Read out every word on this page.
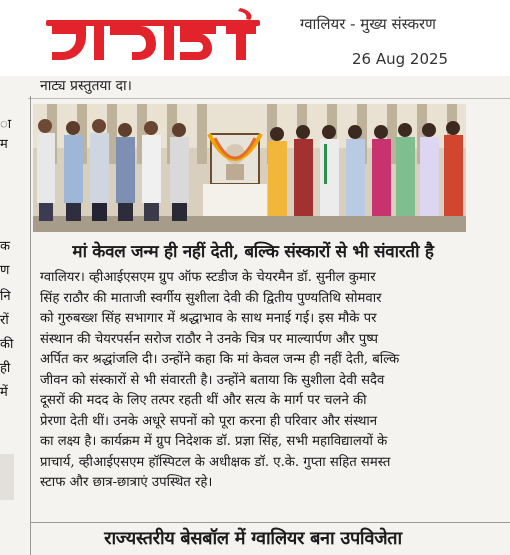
ग्वालियर - मुख्य संस्करण
26 Aug 2025
नाट्य प्रस्तुतया दा।
ा
म
क
ण
नि
रों
की
ही
में
मां केवल जन्म ही नहीं देती, बल्कि संस्कारों से भी संवारती है
ग्वालियर। व्हीआईएसएम ग्रुप ऑफ स्टडीज के चेयरमैन डॉ. सुनील कुमार
सिंह राठौर की माताजी स्वर्गीय सुशीला देवी की द्वितीय पुण्यतिथि सोमवार
को गुरुबख्श सिंह सभागार में श्रद्धाभाव के साथ मनाई गई। इस मौके पर
संस्थान की चेयरपर्सन सरोज राठौर ने उनके चित्र पर माल्यार्पण और पुष्प
अर्पित कर श्रद्धांजलि दी। उन्होंने कहा कि मां केवल जन्म ही नहीं देती, बल्कि
जीवन को संस्कारों से भी संवारती है। उन्होंने बताया कि सुशीला देवी सदैव
दूसरों की मदद के लिए तत्पर रहती थीं और सत्य के मार्ग पर चलने की
प्रेरणा देती थीं। उनके अधूरे सपनों को पूरा करना ही परिवार और संस्थान
का लक्ष्य है। कार्यक्रम में ग्रुप निदेशक डॉ. प्रज्ञा सिंह, सभी महाविद्यालयों के
प्राचार्य, व्हीआईएसएम हॉस्पिटल के अधीक्षक डॉ. ए.के. गुप्ता सहित समस्त
स्टाफ और छात्र-छात्राएं उपस्थित रहे।
राज्यस्तरीय बेसबॉल में ग्वालियर बना उपविजेता
